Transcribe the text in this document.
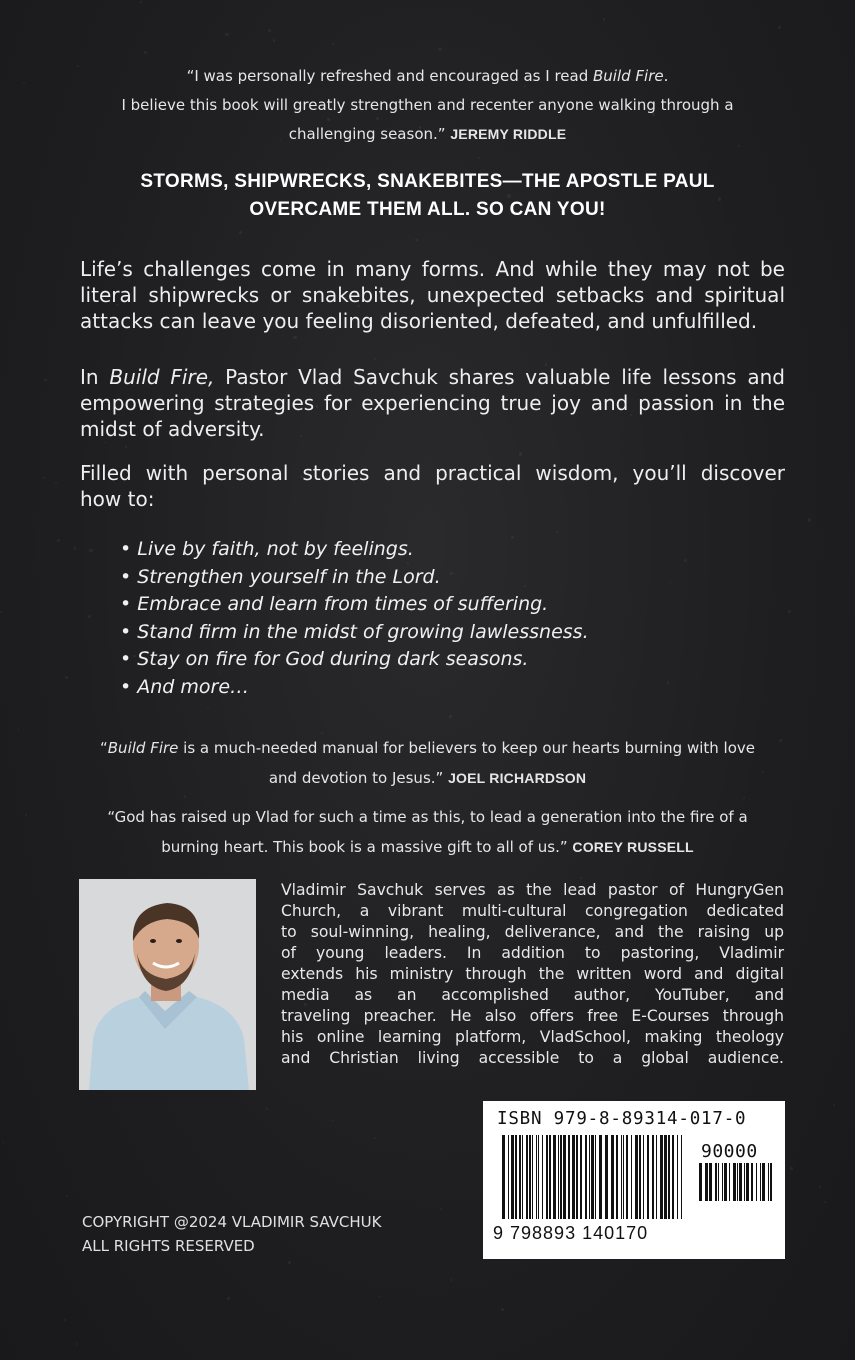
“I was personally refreshed and encouraged as I read Build Fire.
I believe this book will greatly strengthen and recenter anyone walking through a
challenging season.” JEREMY RIDDLE
STORMS, SHIPWRECKS, SNAKEBITES—THE APOSTLE PAUL
OVERCAME THEM ALL. SO CAN YOU!
Life’s challenges come in many forms. And while they may not be
literal shipwrecks or snakebites, unexpected setbacks and spiritual
attacks can leave you feeling disoriented, defeated, and unfulfilled.
In Build Fire, Pastor Vlad Savchuk shares valuable life lessons and
empowering strategies for experiencing true joy and passion in the
midst of adversity.
Filled with personal stories and practical wisdom, you’ll discover
how to:
• Live by faith, not by feelings.
• Strengthen yourself in the Lord.
• Embrace and learn from times of suffering.
• Stand firm in the midst of growing lawlessness.
• Stay on fire for God during dark seasons.
• And more…
“Build Fire is a much-needed manual for believers to keep our hearts burning with love
and devotion to Jesus.” JOEL RICHARDSON
“God has raised up Vlad for such a time as this, to lead a generation into the fire of a
burning heart. This book is a massive gift to all of us.” COREY RUSSELL
Vladimir Savchuk serves as the lead pastor of HungryGen
Church, a vibrant multi-cultural congregation dedicated
to soul-winning, healing, deliverance, and the raising up
of young leaders. In addition to pastoring, Vladimir
extends his ministry through the written word and digital
media as an accomplished author, YouTuber, and
traveling preacher. He also offers free E-Courses through
his online learning platform, VladSchool, making theology
and Christian living accessible to a global audience.
ISBN 979-8-89314-017-0
9 798893 140170
90000
COPYRIGHT @2024 VLADIMIR SAVCHUK
ALL RIGHTS RESERVED
